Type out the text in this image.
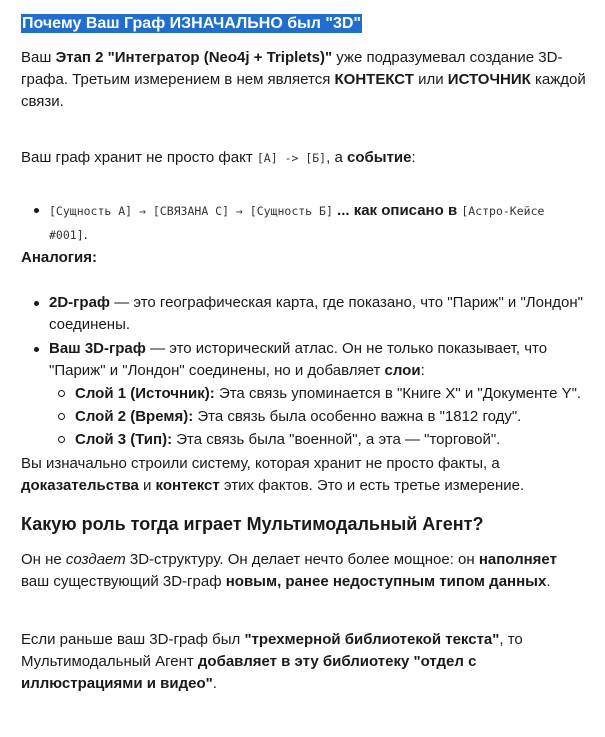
Почему Ваш Граф ИЗНАЧАЛЬНО был "3D"

Ваш Этап 2 "Интегратор (Neo4j + Triplets)" уже подразумевал создание 3D-графа. Третьим измерением в нем является КОНТЕКСТ или ИСТОЧНИК каждой связи.

Ваш граф хранит не просто факт [А] -> [Б], а событие:

[Сущность А] → [СВЯЗАНА С] → [Сущность Б] ... как описано в [Астро-Кейсе #001].

Аналогия:

2D-граф — это географическая карта, где показано, что "Париж" и "Лондон" соединены.
Ваш 3D-граф — это исторический атлас. Он не только показывает, что "Париж" и "Лондон" соединены, но и добавляет слои:
Слой 1 (Источник): Эта связь упоминается в "Книге X" и "Документе Y".
Слой 2 (Время): Эта связь была особенно важна в "1812 году".
Слой 3 (Тип): Эта связь была "военной", а эта — "торговой".

Вы изначально строили систему, которая хранит не просто факты, а доказательства и контекст этих фактов. Это и есть третье измерение.

Какую роль тогда играет Мультимодальный Агент?

Он не создает 3D-структуру. Он делает нечто более мощное: он наполняет ваш существующий 3D-граф новым, ранее недоступным типом данных.

Если раньше ваш 3D-граф был "трехмерной библиотекой текста", то Мультимодальный Агент добавляет в эту библиотеку "отдел с иллюстрациями и видео".
